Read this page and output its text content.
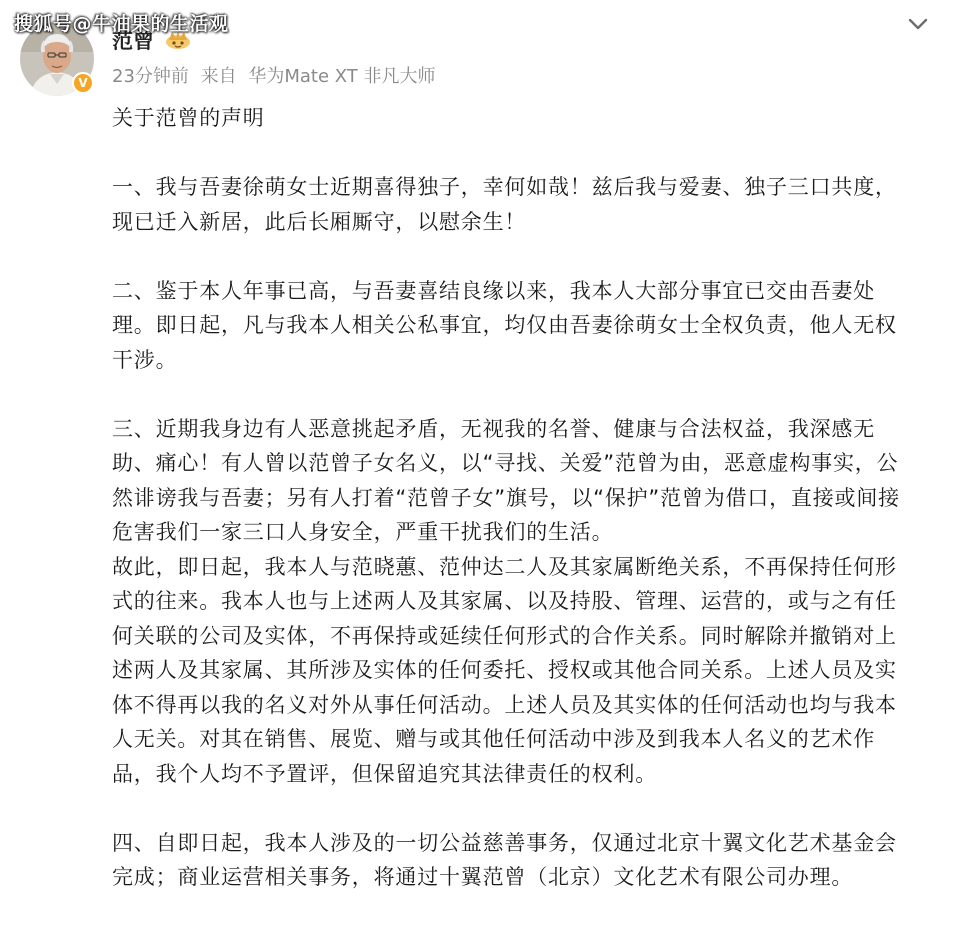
搜狐号@牛油果的生活观
V
范曾
23分钟前 来自 华为Mate XT 非凡大师
关于范曾的声明
一、我与吾妻徐萌女士近期喜得独子，幸何如哉！兹后我与爱妻、独子三口共度，
现已迁入新居，此后长厢厮守，以慰余生！
二、鉴于本人年事已高，与吾妻喜结良缘以来，我本人大部分事宜已交由吾妻处
理。即日起，凡与我本人相关公私事宜，均仅由吾妻徐萌女士全权负责，他人无权
干涉。
三、近期我身边有人恶意挑起矛盾，无视我的名誉、健康与合法权益，我深感无
助、痛心！有人曾以范曾子女名义，以“寻找、关爱”范曾为由，恶意虚构事实，公
然诽谤我与吾妻；另有人打着“范曾子女”旗号，以“保护”范曾为借口，直接或间接
危害我们一家三口人身安全，严重干扰我们的生活。
故此，即日起，我本人与范晓蕙、范仲达二人及其家属断绝关系，不再保持任何形
式的往来。我本人也与上述两人及其家属、以及持股、管理、运营的，或与之有任
何关联的公司及实体，不再保持或延续任何形式的合作关系。同时解除并撤销对上
述两人及其家属、其所涉及实体的任何委托、授权或其他合同关系。上述人员及实
体不得再以我的名义对外从事任何活动。上述人员及其实体的任何活动也均与我本
人无关。对其在销售、展览、赠与或其他任何活动中涉及到我本人名义的艺术作
品，我个人均不予置评，但保留追究其法律责任的权利。
四、自即日起，我本人涉及的一切公益慈善事务，仅通过北京十翼文化艺术基金会
完成；商业运营相关事务，将通过十翼范曾（北京）文化艺术有限公司办理。
